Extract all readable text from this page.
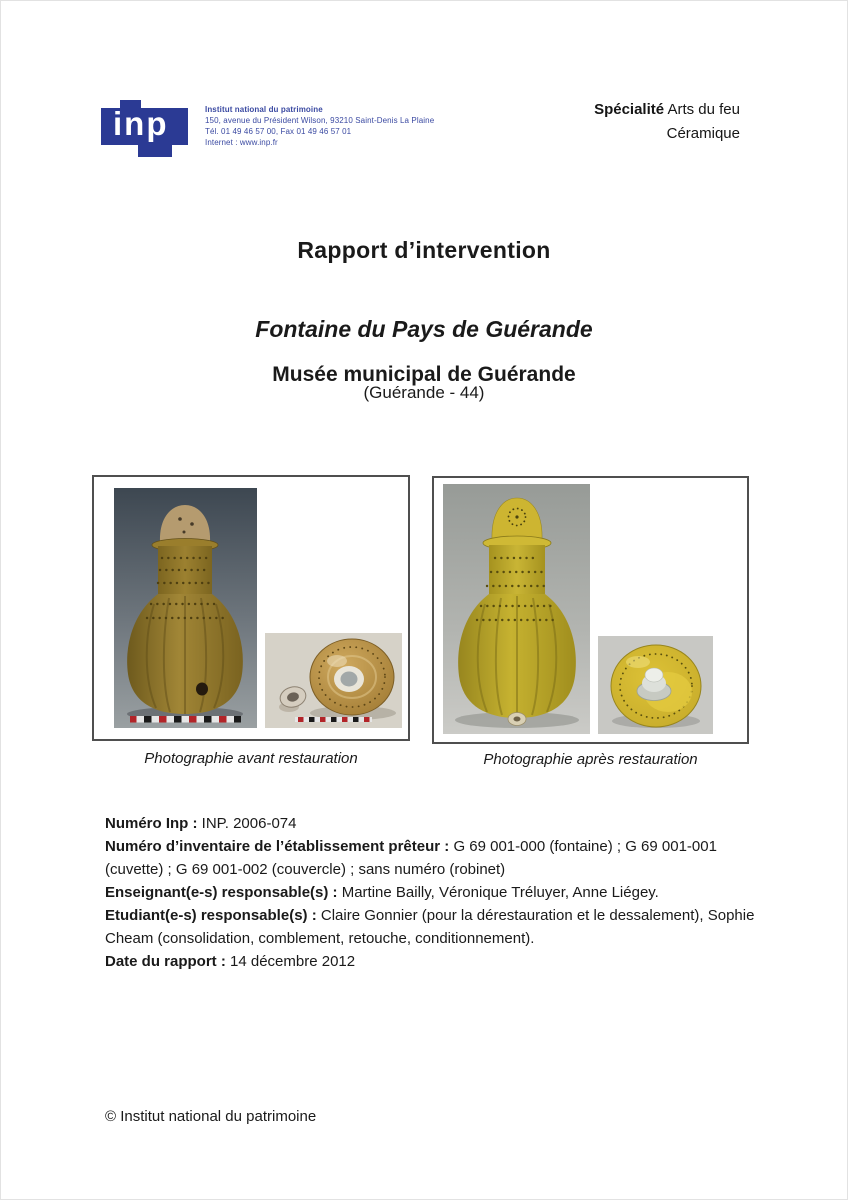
inp	Institut national du patrimoine
150, avenue du Président Wilson, 93210 Saint-Denis La Plaine
Tél. 01 49 46 57 00, Fax 01 49 46 57 01
Internet : www.inp.fr
Spécialité Arts du feu
Céramique
Rapport d’intervention
Fontaine du Pays de Guérande
Musée municipal de Guérande
(Guérande - 44)
Photographie avant restauration	Photographie après restauration

Numéro Inp : INP. 2006-074

Numéro d’inventaire de l’établissement prêteur : G 69 001-000 (fontaine) ; G 69 001-001 (cuvette) ; G 69 001-002 (couvercle) ; sans numéro (robinet)

Enseignant(e-s) responsable(s) : Martine Bailly, Véronique Tréluyer, Anne Liégey.

Etudiant(e-s) responsable(s) : Claire Gonnier (pour la dérestauration et le dessalement), Sophie Cheam (consolidation, comblement, retouche, conditionnement).

Date du rapport : 14 décembre 2012

© Institut national du patrimoine
